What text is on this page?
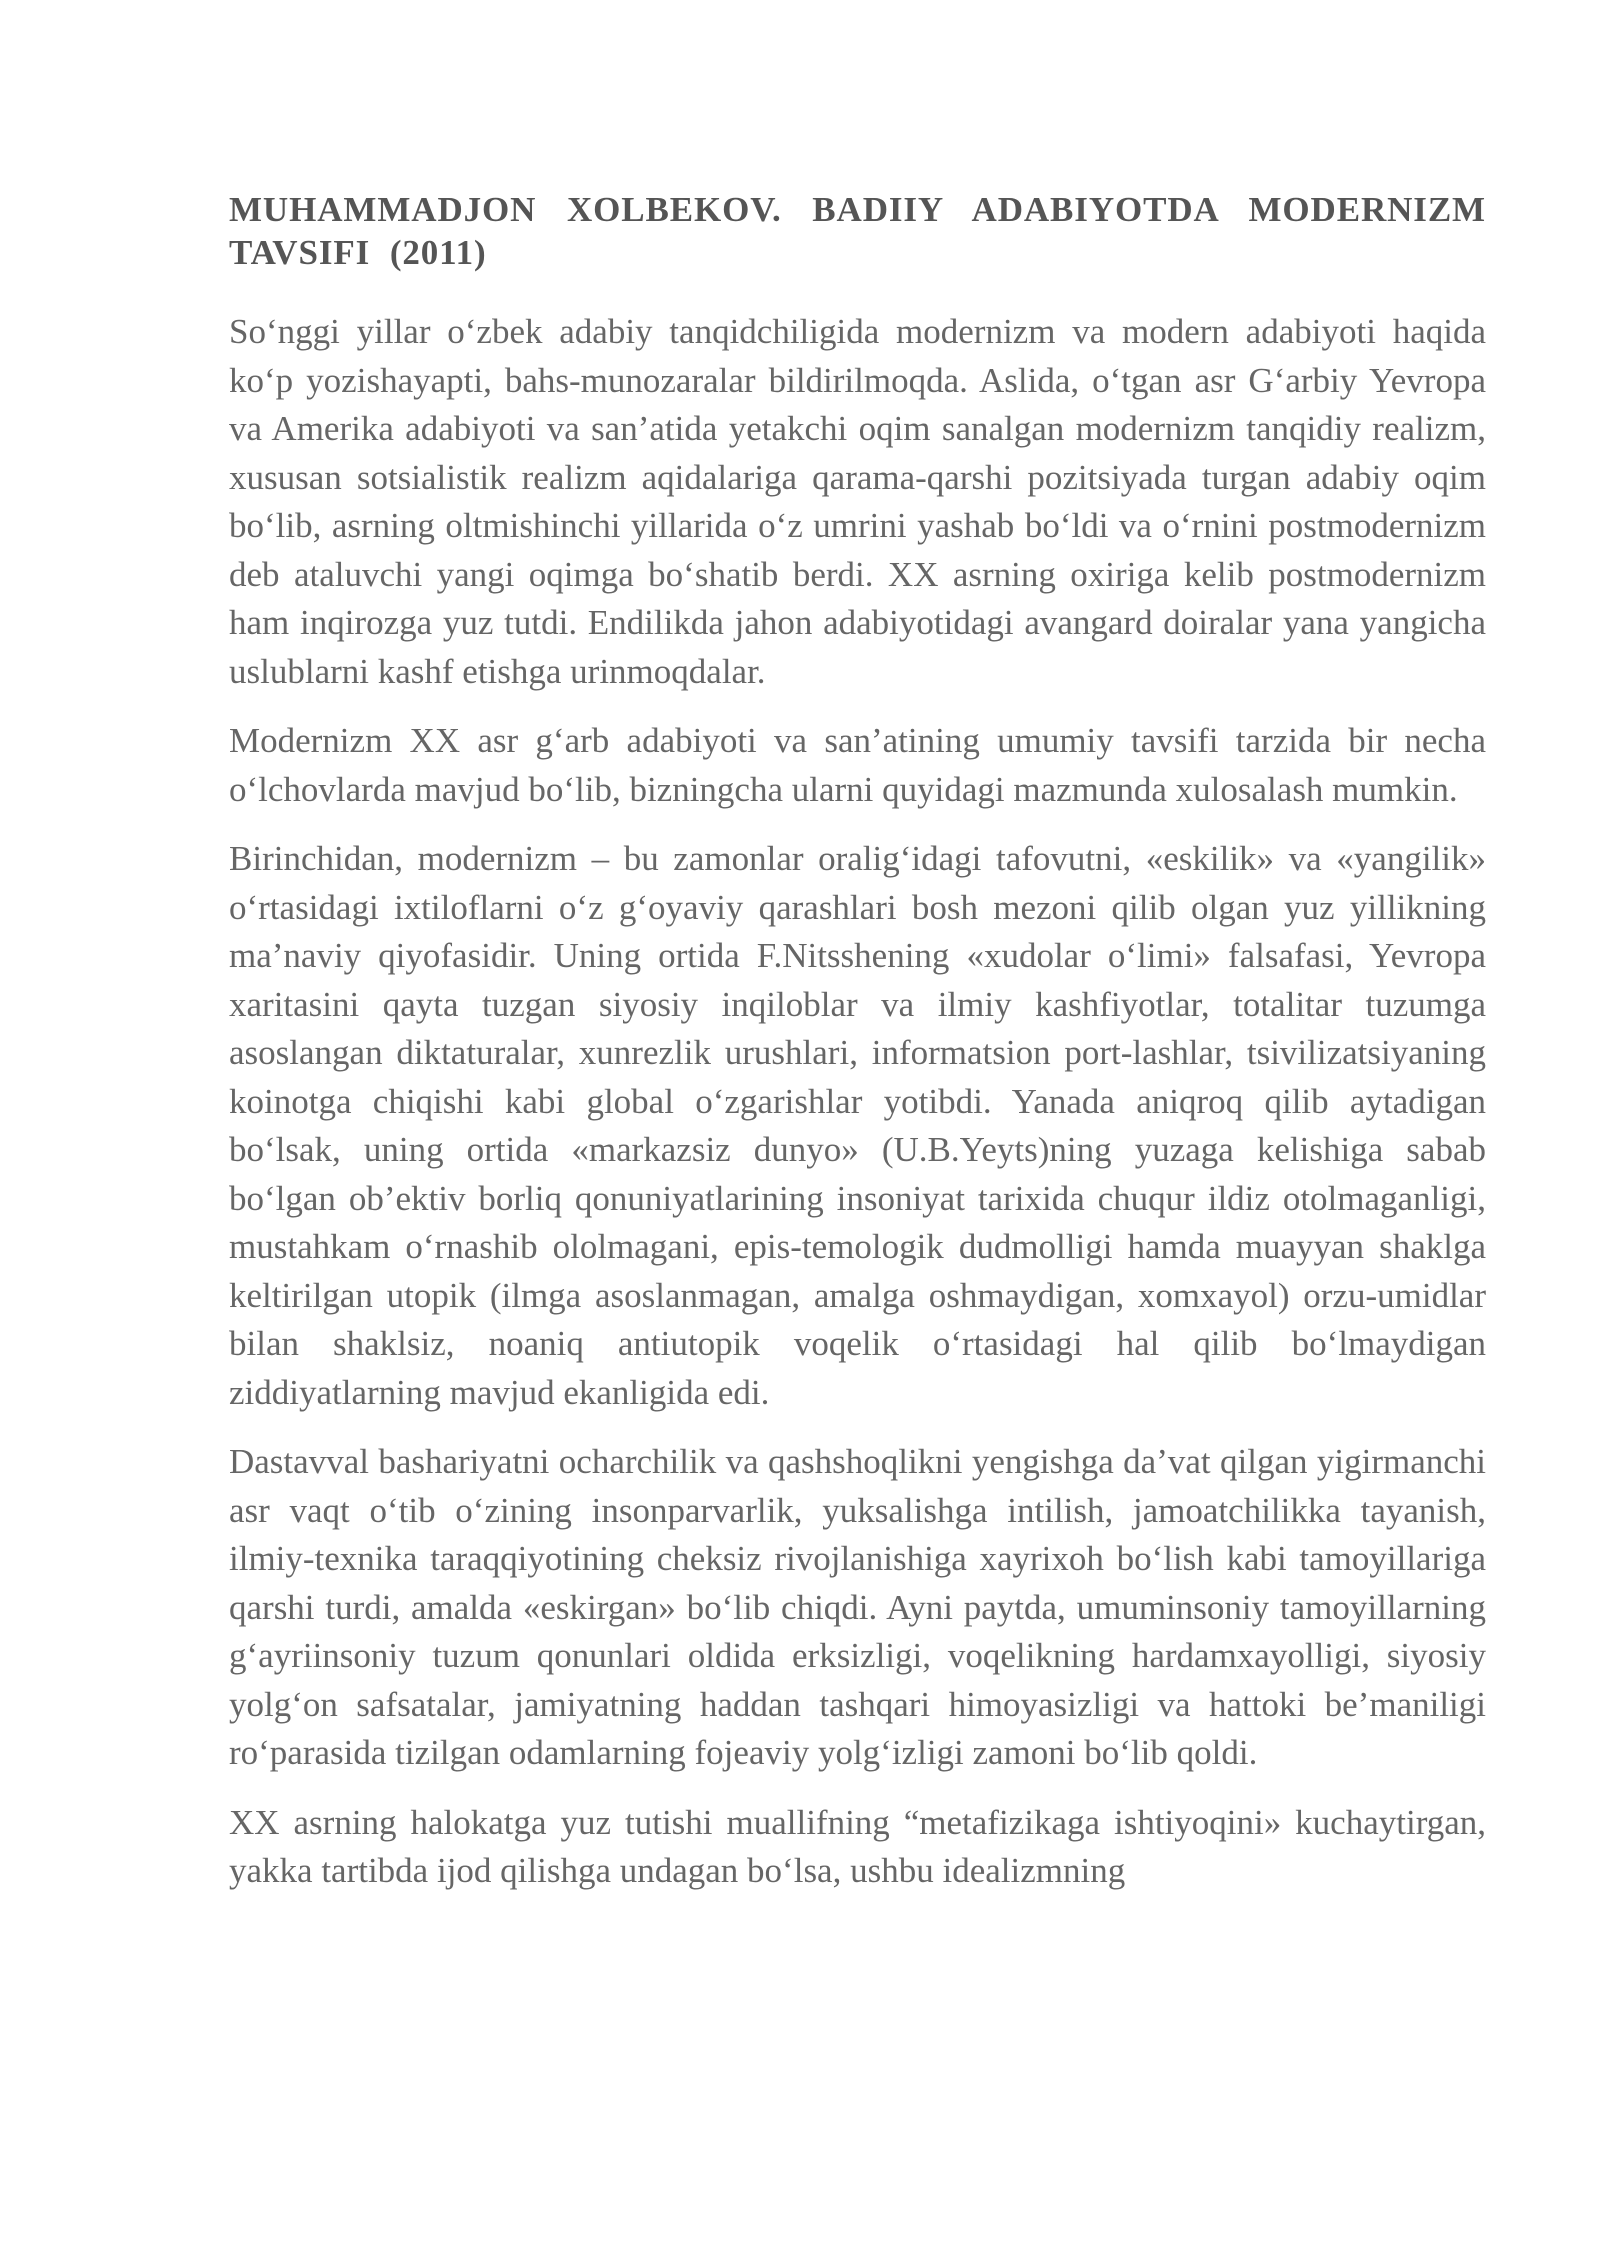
MUHAMMADJON XOLBEKOV. BADIIY ADABIYOTDA MODERNIZM TAVSIFI (2011)

So‘nggi yillar o‘zbek adabiy tanqidchiligida modernizm va modern adabiyoti haqida ko‘p yozishayapti, bahs-munozaralar bildirilmoqda. Aslida, o‘tgan asr G‘arbiy Yevropa va Amerika adabiyoti va san’atida yetakchi oqim sanalgan modernizm tanqidiy realizm, xususan sotsialistik realizm aqidalariga qarama-qarshi pozitsiyada turgan adabiy oqim bo‘lib, asrning oltmishinchi yillarida o‘z umrini yashab bo‘ldi va o‘rnini postmodernizm deb ataluvchi yangi oqimga bo‘shatib berdi. XX asrning oxiriga kelib postmodernizm ham inqirozga yuz tutdi. Endilikda jahon adabiyotidagi avangard doiralar yana yangicha uslublarni kashf etishga urinmoqdalar.

Modernizm XX asr g‘arb adabiyoti va san’atining umumiy tavsifi tarzida bir necha o‘lchovlarda mavjud bo‘lib, bizningcha ularni quyidagi mazmunda xulosalash mumkin.

Birinchidan, modernizm – bu zamonlar oralig‘idagi tafovutni, «eskilik» va «yangilik» o‘rtasidagi ixtiloflarni o‘z g‘oyaviy qarashlari bosh mezoni qilib olgan yuz yillikning ma’naviy qiyofasidir. Uning ortida F.Nitsshening «xudolar o‘limi» falsafasi, Yevropa xaritasini qayta tuzgan siyosiy inqiloblar va ilmiy kashfiyotlar, totalitar tuzumga asoslangan diktaturalar, xunrezlik urushlari, informatsion port-lashlar, tsivilizatsiyaning koinotga chiqishi kabi global o‘zgarishlar yotibdi. Yanada aniqroq qilib aytadigan bo‘lsak, uning ortida «markazsiz dunyo» (U.B.Yeyts)ning yuzaga kelishiga sabab bo‘lgan ob’ektiv borliq qonuniyatlarining insoniyat tarixida chuqur ildiz otolmaganligi, mustahkam o‘rnashib ololmagani, epis-temologik dudmolligi hamda muayyan shaklga keltirilgan utopik (ilmga asoslanmagan, amalga oshmaydigan, xomxayol) orzu-umidlar bilan shaklsiz, noaniq antiutopik voqelik o‘rtasidagi hal qilib bo‘lmaydigan ziddiyatlarning mavjud ekanligida edi.

Dastavval bashariyatni ocharchilik va qashshoqlikni yengishga da’vat qilgan yigirmanchi asr vaqt o‘tib o‘zining insonparvarlik, yuksalishga intilish, jamoatchilikka tayanish, ilmiy-texnika taraqqiyotining cheksiz rivojlanishiga xayrixoh bo‘lish kabi tamoyillariga qarshi turdi, amalda «eskirgan» bo‘lib chiqdi. Ayni paytda, umuminsoniy tamoyillarning g‘ayriinsoniy tuzum qonunlari oldida erksizligi, voqelikning hardamxayolligi, siyosiy yolg‘on safsatalar, jamiyatning haddan tashqari himoyasizligi va hattoki be’maniligi ro‘parasida tizilgan odamlarning fojeaviy yolg‘izligi zamoni bo‘lib qoldi.

XX asrning halokatga yuz tutishi muallifning “metafizikaga ishtiyoqini» kuchaytirgan, yakka tartibda ijod qilishga undagan bo‘lsa, ushbu idealizmning
